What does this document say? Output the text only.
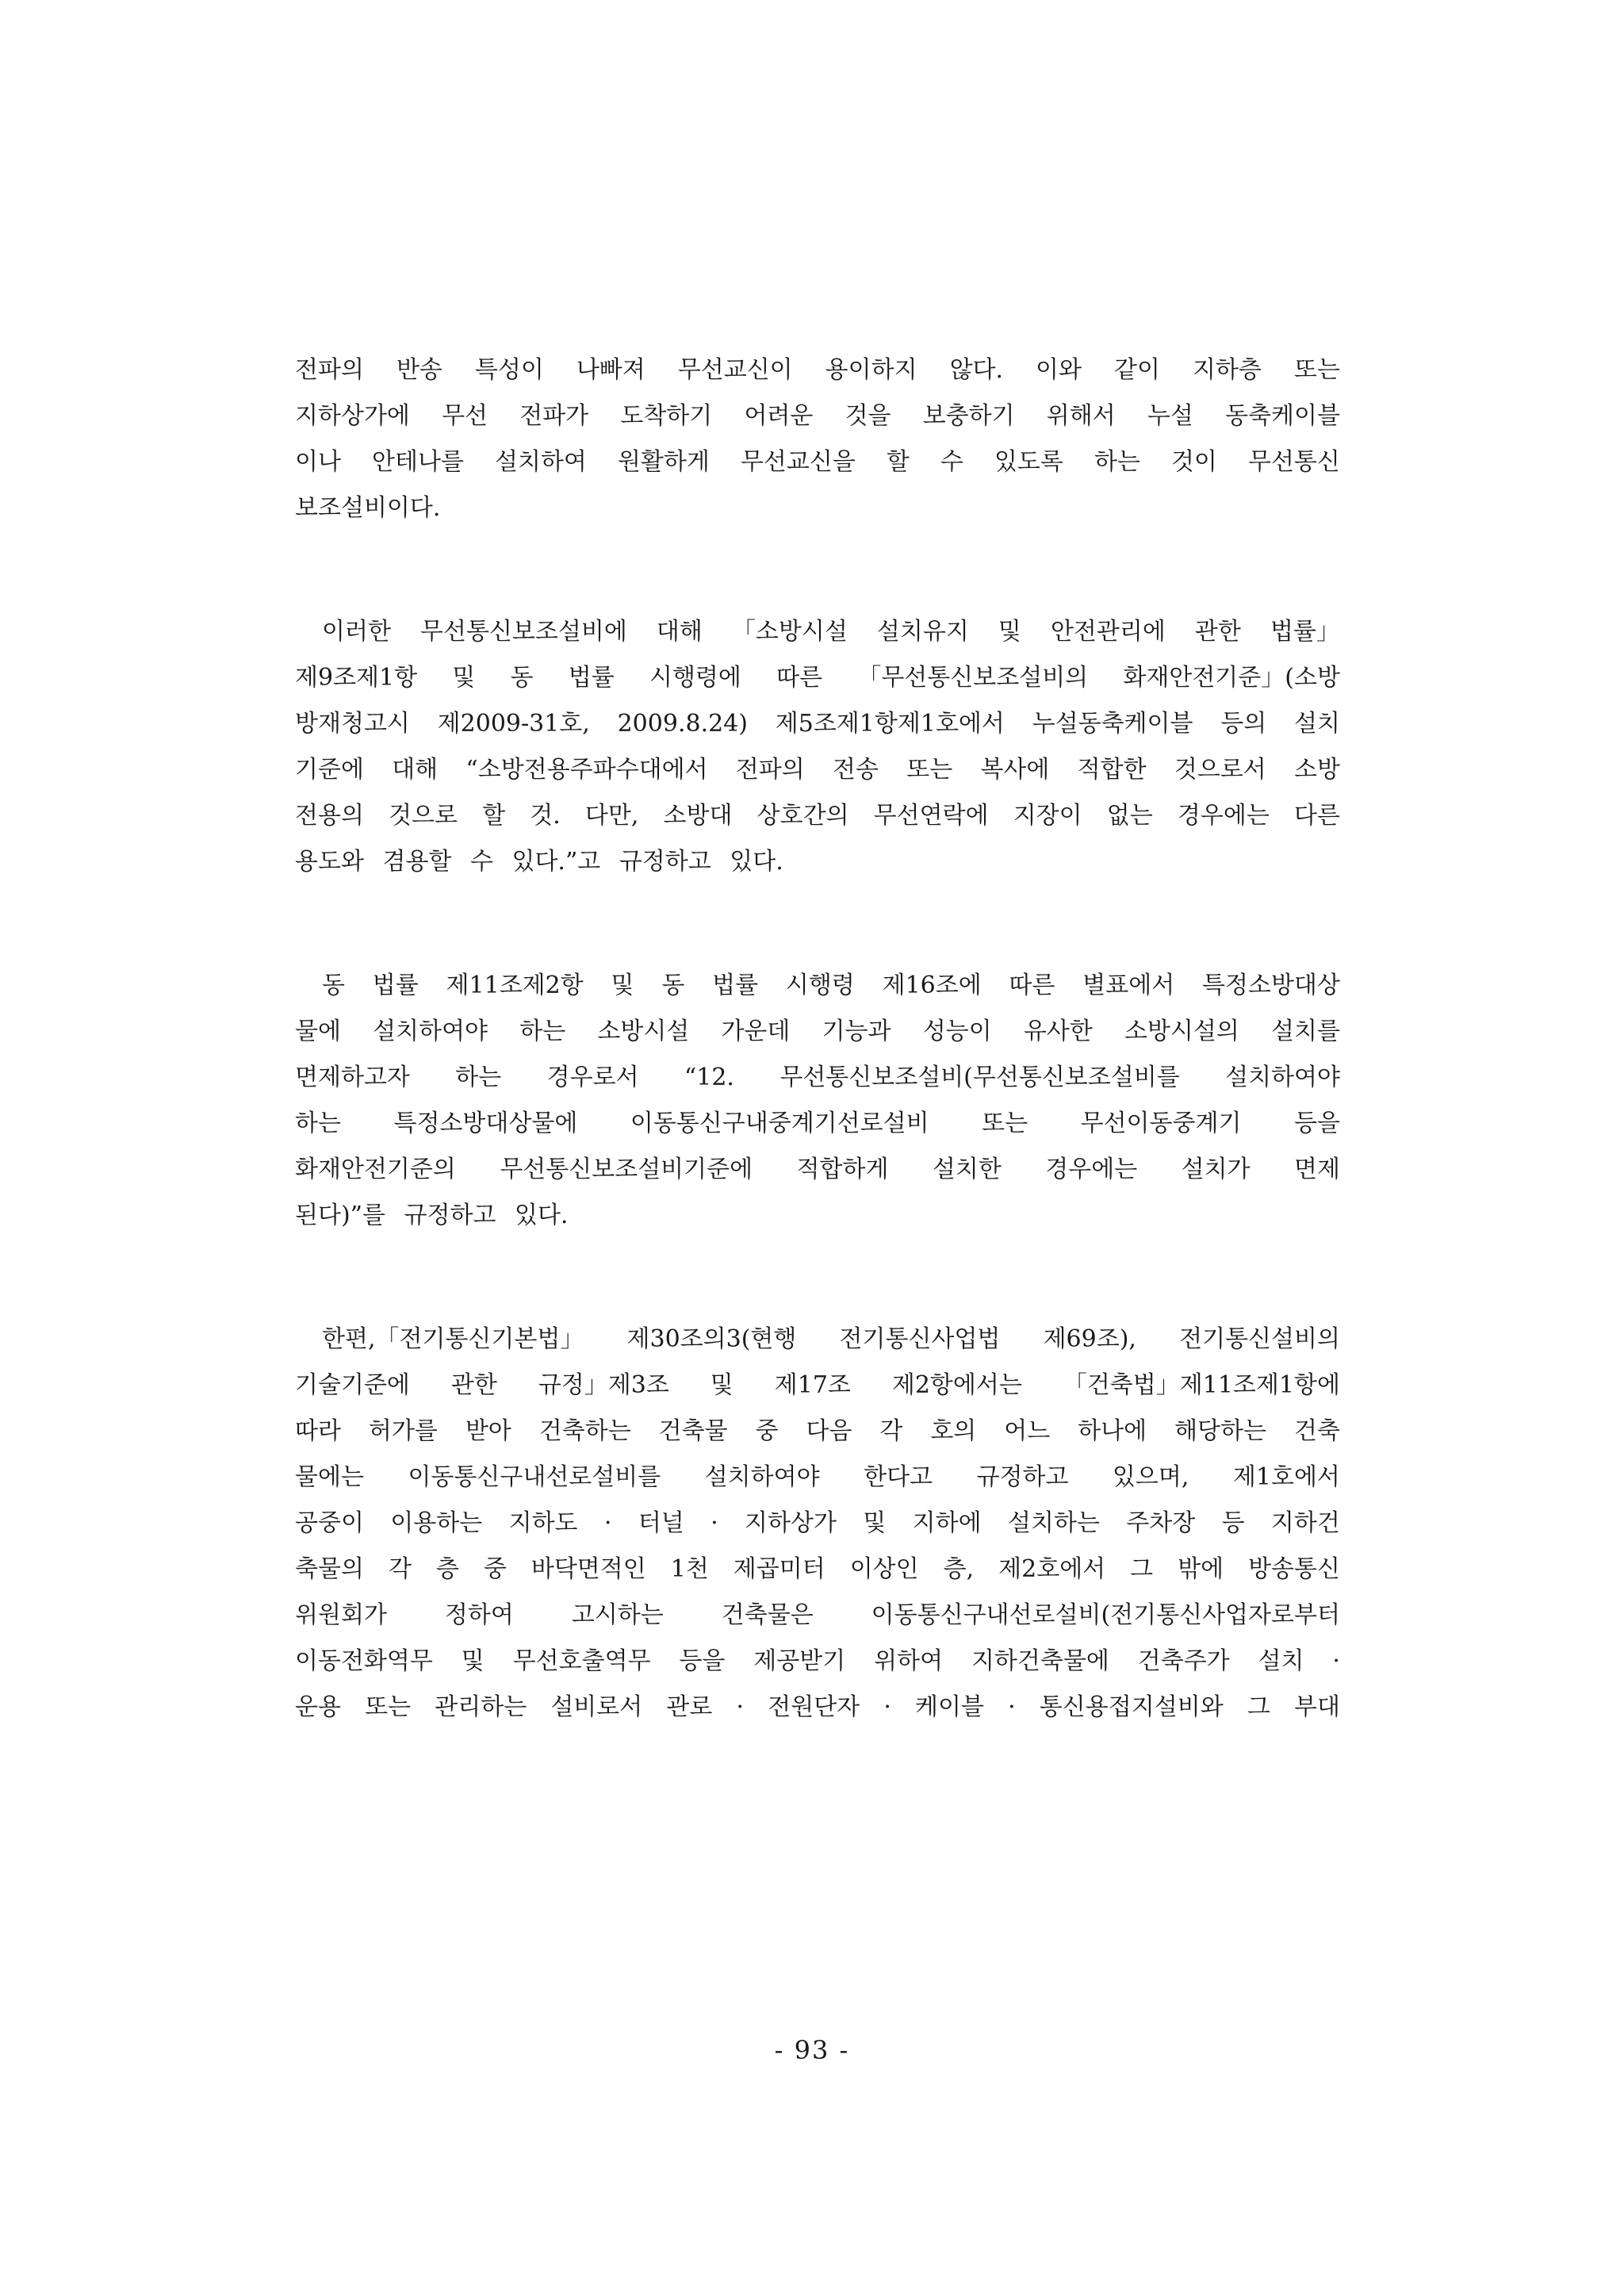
전파의 반송 특성이 나빠져 무선교신이 용이하지 않다. 이와 같이 지하층 또는
지하상가에 무선 전파가 도착하기 어려운 것을 보충하기 위해서 누설 동축케이블
이나 안테나를 설치하여 원활하게 무선교신을 할 수 있도록 하는 것이 무선통신
보조설비이다.
이러한 무선통신보조설비에 대해 「소방시설 설치유지 및 안전관리에 관한 법률」
제9조제1항 및 동 법률 시행령에 따른 「무선통신보조설비의 화재안전기준」(소방
방재청고시 제2009-31호, 2009.8.24) 제5조제1항제1호에서 누설동축케이블 등의 설치
기준에 대해 “소방전용주파수대에서 전파의 전송 또는 복사에 적합한 것으로서 소방
전용의 것으로 할 것. 다만, 소방대 상호간의 무선연락에 지장이 없는 경우에는 다른
용도와 겸용할 수 있다.”고 규정하고 있다.
동 법률 제11조제2항 및 동 법률 시행령 제16조에 따른 별표에서 특정소방대상
물에 설치하여야 하는 소방시설 가운데 기능과 성능이 유사한 소방시설의 설치를
면제하고자 하는 경우로서 “12. 무선통신보조설비(무선통신보조설비를 설치하여야
하는 특정소방대상물에 이동통신구내중계기선로설비 또는 무선이동중계기 등을
화재안전기준의 무선통신보조설비기준에 적합하게 설치한 경우에는 설치가 면제
된다)”를 규정하고 있다.
한편,「전기통신기본법」 제30조의3(현행 전기통신사업법 제69조), 전기통신설비의
기술기준에 관한 규정」제3조 및 제17조 제2항에서는 「건축법」제11조제1항에
따라 허가를 받아 건축하는 건축물 중 다음 각 호의 어느 하나에 해당하는 건축
물에는 이동통신구내선로설비를 설치하여야 한다고 규정하고 있으며, 제1호에서
공중이 이용하는 지하도 · 터널 · 지하상가 및 지하에 설치하는 주차장 등 지하건
축물의 각 층 중 바닥면적인 1천 제곱미터 이상인 층, 제2호에서 그 밖에 방송통신
위원회가 정하여 고시하는 건축물은 이동통신구내선로설비(전기통신사업자로부터
이동전화역무 및 무선호출역무 등을 제공받기 위하여 지하건축물에 건축주가 설치 ·
운용 또는 관리하는 설비로서 관로 · 전원단자 · 케이블 · 통신용접지설비와 그 부대
- 93 -
